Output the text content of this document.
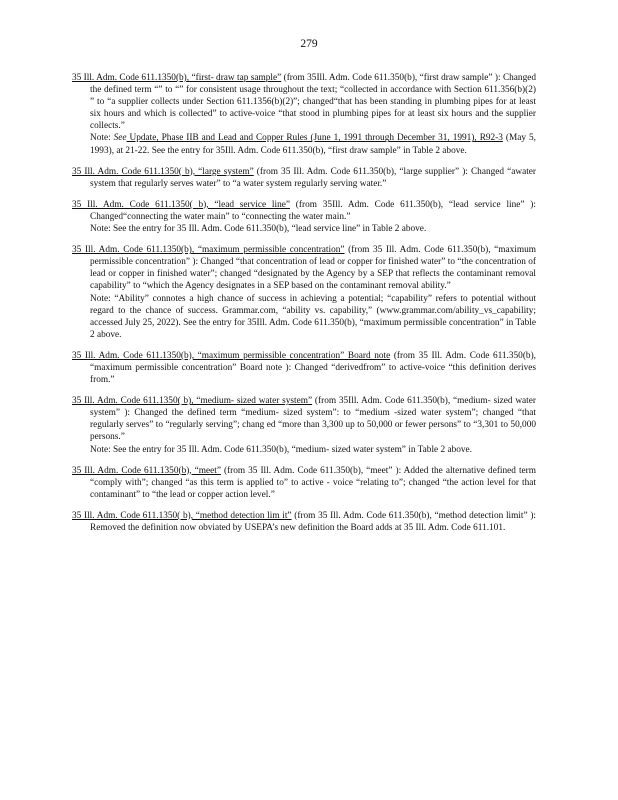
279
35 Ill. Adm. Code 611.1350(b), “first- draw tap sample” (from 35Ill. Adm. Code 611.350(b), “first draw sample” ): Changed the defined term “” to “” for consistent usage throughout the text; “collected in accordance with Section 611.356(b)(2) ” to “a supplier collects under Section 611.1356(b)(2)”; changed“that has been standing in plumbing pipes for at least six hours and which is collected” to active-voice “that stood in plumbing pipes for at least six hours and the supplier collects.”
Note: See Update, Phase IIB and Lead and Copper Rules (June 1, 1991 through December 31, 1991), R92-3 (May 5, 1993), at 21-22. See the entry for 35Ill. Adm. Code 611.350(b), “first draw sample” in Table 2 above.
35 Ill. Adm. Code 611.1350( b), “large system” (from 35 Ill. Adm. Code 611.350(b), “large supplier” ): Changed “awater system that regularly serves water” to “a water system regularly serving water.”
35 Ill. Adm. Code 611.1350( b), “lead service line” (from 35Ill. Adm. Code 611.350(b), “lead service line” ): Changed“connecting the water main” to “connecting the water main.”
Note: See the entry for 35 Ill. Adm. Code 611.350(b), “lead service line” in Table 2 above.
35 Ill. Adm. Code 611.1350(b), “maximum permissible concentration” (from 35 Ill. Adm. Code 611.350(b), “maximum permissible concentration” ): Changed “that concentration of lead or copper for finished water” to “the concentration of lead or copper in finished water”; changed “designated by the Agency by a SEP that reflects the contaminant removal capability” to “which the Agency designates in a SEP based on the contaminant removal ability.”
Note: “Ability” connotes a high chance of success in achieving a potential; “capability” refers to potential without regard to the chance of success. Grammar.com, “ability vs. capability,” (www.grammar.com/ability_vs_capability; accessed July 25, 2022). See the entry for 35Ill. Adm. Code 611.350(b), “maximum permissible concentration” in Table 2 above.
35 Ill. Adm. Code 611.1350(b), “maximum permissible concentration” Board note (from 35 Ill. Adm. Code 611.350(b), “maximum permissible concentration” Board note ): Changed “derivedfrom” to active-voice “this definition derives from.”
35 Ill. Adm. Code 611.1350( b), “medium- sized water system” (from 35Ill. Adm. Code 611.350(b), “medium- sized water system” ): Changed the defined term “medium- sized system”: to “medium -sized water system”; changed “that regularly serves” to “regularly serving”; chang ed “more than 3,300 up to 50,000 or fewer persons” to “3,301 to 50,000 persons.”
Note: See the entry for 35 Ill. Adm. Code 611.350(b), “medium- sized water system” in Table 2 above.
35 Ill. Adm. Code 611.1350(b), “meet” (from 35 Ill. Adm. Code 611.350(b), “meet” ): Added the alternative defined term “comply with”; changed “as this term is applied to” to active - voice “relating to”; changed “the action level for that contaminant” to “the lead or copper action level.”
35 Ill. Adm. Code 611.1350( b), “method detection lim it” (from 35 Ill. Adm. Code 611.350(b), “method detection limit” ): Removed the definition now obviated by USEPA’s new definition the Board adds at 35 Ill. Adm. Code 611.101.
